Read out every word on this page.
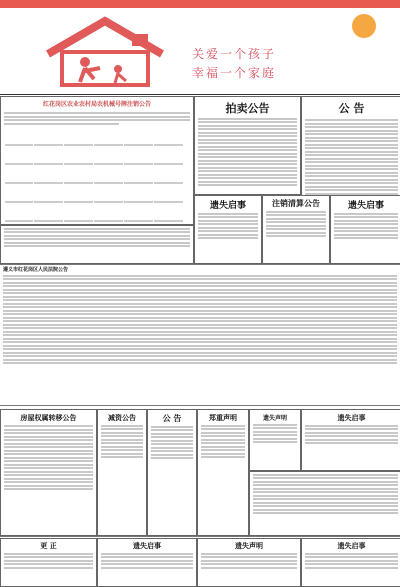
关爱一个孩子
幸福一个家庭
红花岗区农业农村局农机械号牌注销公告
	拍卖公告	公 告
遗失启事	注销清算公告	遗失启事
遵义市红花岗区人民法院公告
房屋权属转移公告	减资公告	公 告	郑重声明	遗失声明	遗失启事
更 正	遗失启事	遗失声明	遗失启事
